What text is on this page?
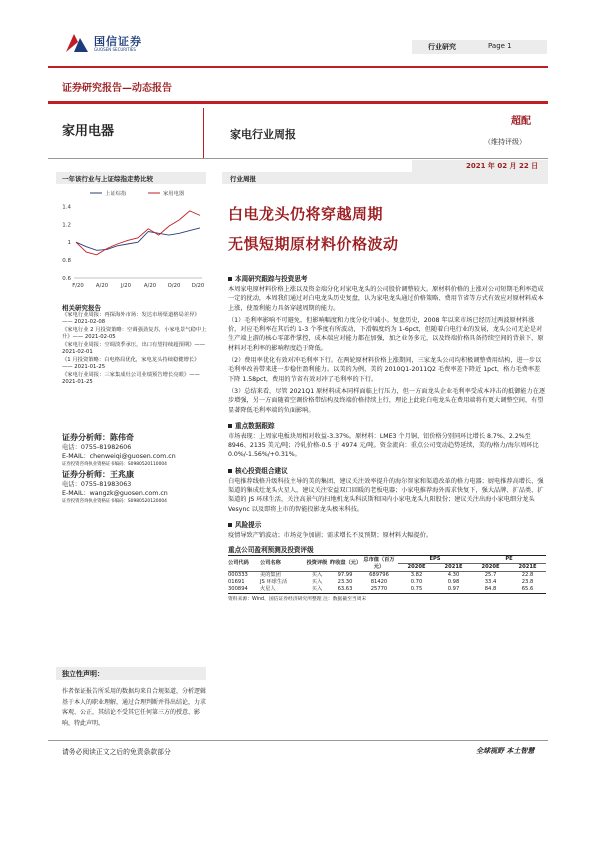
国信证券
GUOSEN SECURITIES	行业研究	Page 1
证券研究报告—动态报告
家用电器	家电行业周报
超配
（维持评级）
2021 年 02 月 22 日
一年该行业与上证综指走势比较
0.6
0.8
1
1.2
1.4
F/20 A/20 J/20 A/20 O/20 D/20
上证综指	家用电器
相关研究报告
《家电行业周报：再探海外市场：发达市场渠道格局差异》—— 2021-02-08
《家电行业 2 月投资策略：空调强劲复苏，小家电景气稳中上升》—— 2021-02-05
《家电行业周报：空调淡季承压，出口有望持续超预期》—— 2021-02-01
《1 月投资策略：白电格局优化，家电龙头持续稳健增长》—— 2021-01-25
《家电行业周报：三家集成灶公司业绩预告增长亮眼》—— 2021-01-25
证券分析师：陈伟奇
电话：0755-81982606
E-MAIL：chenweiqi@guosen.com.cn
证券投资咨询执业资格证书编码：S0980520110004
证券分析师：王兆康
电话：0755-81983063
E-MAIL：wangzk@guosen.com.cn
证券投资咨询执业资格证书编码：S0980520120004
独立性声明：
作者保证报告所采用的数据均来自合规渠道，分析逻辑基于本人的职业理解，通过合理判断并得出结论，力求客观、公正，其结论不受其它任何第三方的授意、影响，特此声明。
行业周报
白电龙头仍将穿越周期
无惧短期原材料价格波动
本周研究跟踪与投资思考
本周家电原材料价格上涨以及资金端分化对家电龙头的公司股价调整较大。原材料价格的上涨对公司短期毛利率造成一定的扰动，本周我们通过对白电龙头历史复盘，认为家电龙头通过价格策略、费用节省等方式有效应对原材料成本上涨，使盈利能力具备穿越周期的能力。
（1）毛利率影响不可避免，但影响幅度和力度分化中减小。复盘历史，2008 年以来市场已经历过两波原材料涨价，对应毛利率在其后约 1-3 个季度有所波动，下滑幅度约为 1-6pct，但随着白电行业的发展，龙头公司无论是对生产端上游的核心零部件掌控，成本端应对能力都在加强，加之业务多元，以及终端价格具备持续空间的背景下，原材料对毛利率的影响程度趋于降低。
（2）费用率优化有效对冲毛利率下行。在两轮原材料价格上涨期间，三家龙头公司均积极调整费用结构，进一步以毛利率改善带来进一步稳住盈利能力。以美的为例，美的 2010Q1-2011Q2 毛费率差下降近 1pct，格力毛费率差下降 1.58pct，费用的节省有效对冲了毛利率的下行。
（3）总结来看，尽管 2021Q1 原材料成本同样面临上行压力，但一方面龙头企业毛利率受成本冲击的抵御能力在逐步增强，另一方面随着空调价格带结构及终端价格持续上行，理论上此轮白电龙头在费用端将有更大调整空间，有望显著降低毛利率端的负面影响。
重点数据跟踪
市场表现：上周家电板块周相对收益-3.37%。原材料：LME3 个月铜、铝价格分别同环比增长 8.7%、2.2%至 8946、2135 美元/吨；冷轧价格-0.5 于 4974 元/吨。资金流向：重点公司变动趋势延续，美的/格力/海尔周环比 0.0%/-1.56%/+0.31%。
核心投资组合建议
白电推荐线格升级科技主导的美的集团，建议关注效率提升的海尔智家和渠道改革的格力电器；厨电推荐高增长、强渠道的集成灶龙头火星人，建议关注安益双口回暖的老板电器；小家电推荐海外需求快复下，强大品牌、扩品类、扩渠道的 JS 环球生活，关注高景气的扫地机龙头科沃斯和国内小家电龙头九阳股份；建议关注出海小家电细分龙头 Vesync 以及即将上市的智能投影龙头极米科技。
风险提示
疫情导致产销波动；市场竞争加剧；需求增长不及预期；原材料大幅提价。
重点公司盈利预测及投资评级
公司代码	公司名称	投资评级	昨收盘（元）	总市值（百万元）	EPS		PE	
					2020E	2021E	2020E	2021E
000333	美的集团	买入	97.99	689796	3.82	4.30	25.7	22.8
01691	JS 环球生活	买入	23.30	81420	0.70	0.98	33.4	23.8
300894	火星人	买入	63.63	25770	0.75	0.97	84.8	65.6
资料来源：Wind、国信证券经济研究所整理 注：数据截至当周末
请务必阅读正文之后的免责条款部分	全球视野 本土智慧
